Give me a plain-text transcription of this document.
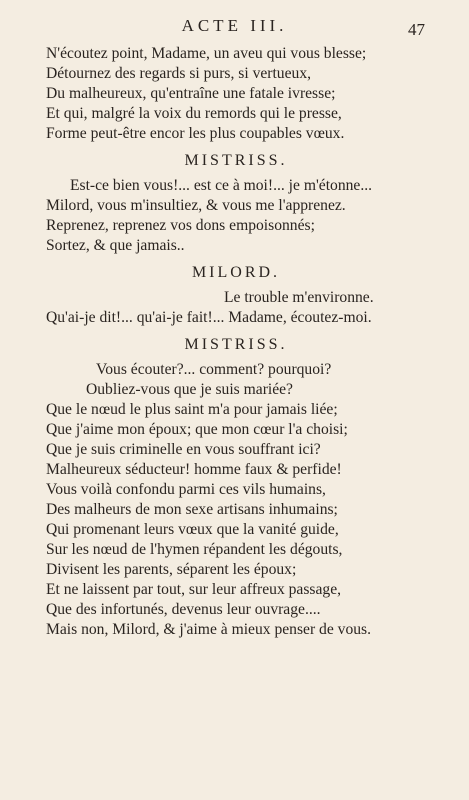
ACTE III.	47
N'écoutez point, Madame, un aveu qui vous blesse;
Détournez des regards si purs, si vertueux,
Du malheureux, qu'entraîne une fatale ivresse;
Et qui, malgré la voix du remords qui le presse,
Forme peut-être encor les plus coupables vœux.
MISTRISS.
Est-ce bien vous!... est ce à moi!... je m'étonne...
Milord, vous m'insultiez, & vous me l'apprenez.
Reprenez, reprenez vos dons empoisonnés;
Sortez, & que jamais..
MILORD.
Le trouble m'environne.
Qu'ai-je dit!... qu'ai-je fait!... Madame, écoutez-moi.
MISTRISS.
Vous écouter?... comment? pourquoi?
Oubliez-vous que je suis mariée?
Que le nœud le plus saint m'a pour jamais liée;
Que j'aime mon époux; que mon cœur l'a choisi;
Que je suis criminelle en vous souffrant ici?
Malheureux séducteur! homme faux & perfide!
Vous voilà confondu parmi ces vils humains,
Des malheurs de mon sexe artisans inhumains;
Qui promenant leurs vœux que la vanité guide,
Sur les nœud de l'hymen répandent les dégouts,
Divisent les parents, séparent les époux;
Et ne laissent par tout, sur leur affreux passage,
Que des infortunés, devenus leur ouvrage....
Mais non, Milord, & j'aime à mieux penser de vous.
